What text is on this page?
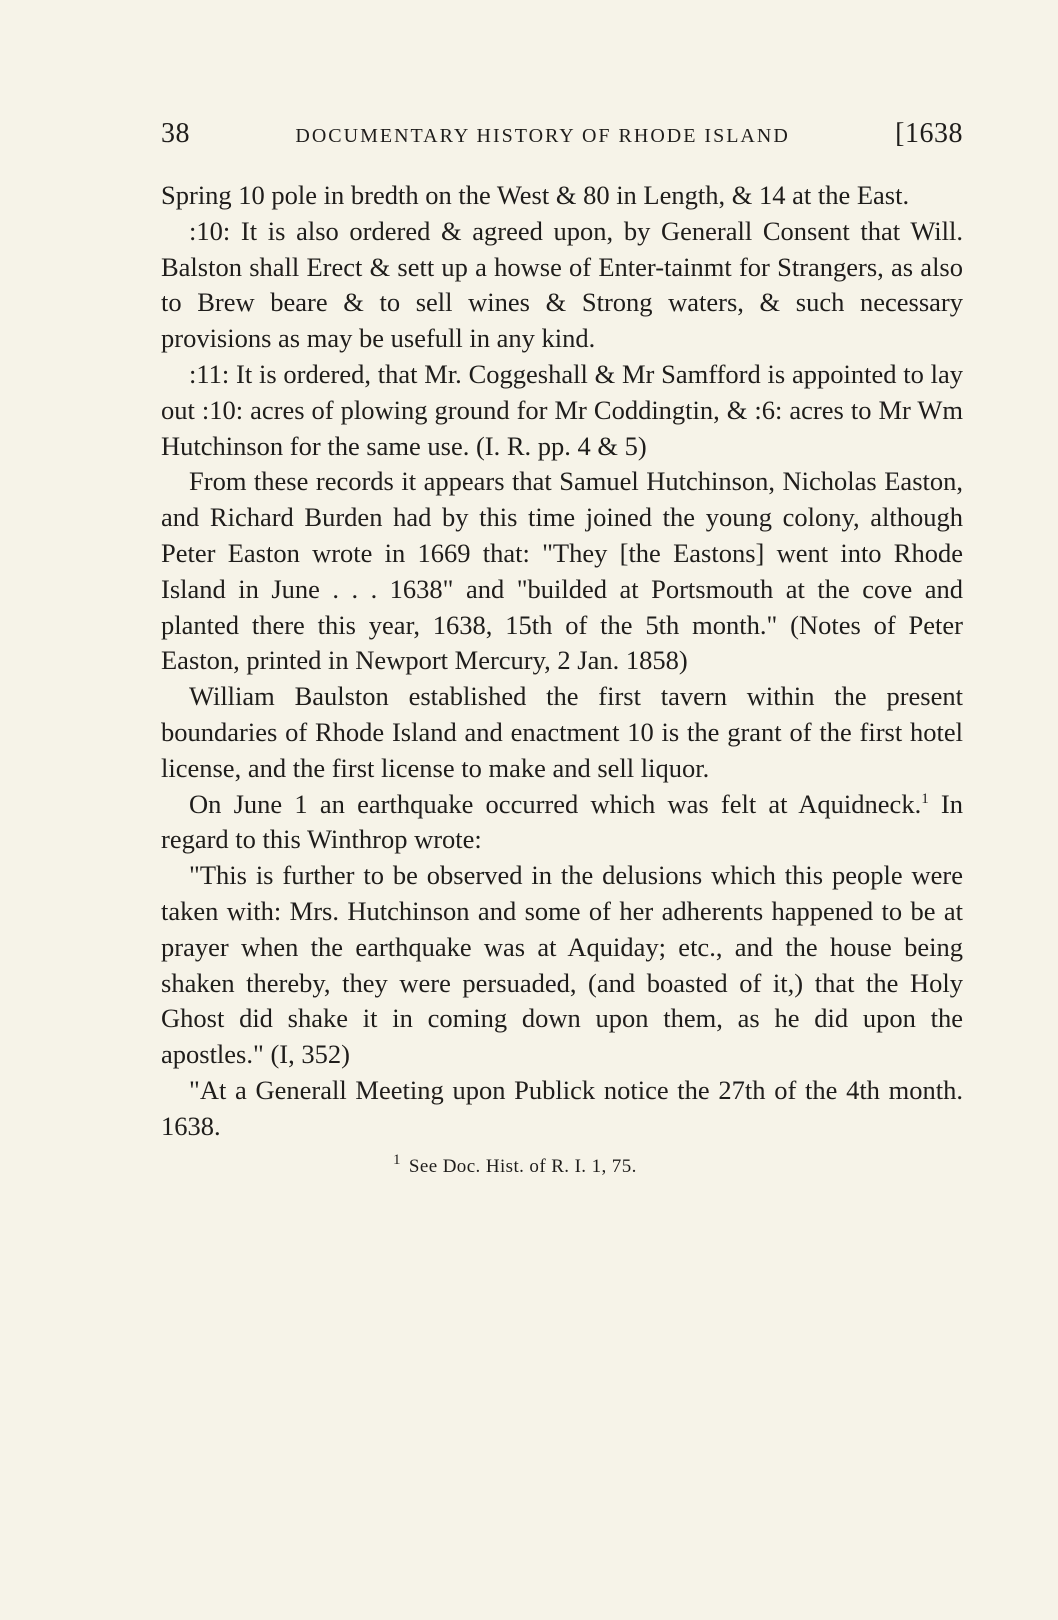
38	DOCUMENTARY HISTORY OF RHODE ISLAND	[1638

Spring 10 pole in bredth on the West & 80 in Length, & 14 at the East.

:10: It is also ordered & agreed upon, by Generall Consent that Will. Balston shall Erect & sett up a howse of Enter-tainmt for Strangers, as also to Brew beare & to sell wines & Strong waters, & such necessary provisions as may be usefull in any kind.

:11: It is ordered, that Mr. Coggeshall & Mr Samfford is appointed to lay out :10: acres of plowing ground for Mr Coddingtin, & :6: acres to Mr Wm Hutchinson for the same use. (I. R. pp. 4 & 5)

From these records it appears that Samuel Hutchinson, Nicholas Easton, and Richard Burden had by this time joined the young colony, although Peter Easton wrote in 1669 that: "They [the Eastons] went into Rhode Island in June . . . 1638" and "builded at Portsmouth at the cove and planted there this year, 1638, 15th of the 5th month." (Notes of Peter Easton, printed in Newport Mercury, 2 Jan. 1858)

William Baulston established the first tavern within the present boundaries of Rhode Island and enactment 10 is the grant of the first hotel license, and the first license to make and sell liquor.

On June 1 an earthquake occurred which was felt at Aquidneck.$^1$ In regard to this Winthrop wrote:

"This is further to be observed in the delusions which this people were taken with: Mrs. Hutchinson and some of her adherents happened to be at prayer when the earthquake was at Aquiday; etc., and the house being shaken thereby, they were persuaded, (and boasted of it,) that the Holy Ghost did shake it in coming down upon them, as he did upon the apostles." (I, 352)

"At a Generall Meeting upon Publick notice the 27th of the 4th month. 1638.

$^1$ See Doc. Hist. of R. I. 1, 75.
